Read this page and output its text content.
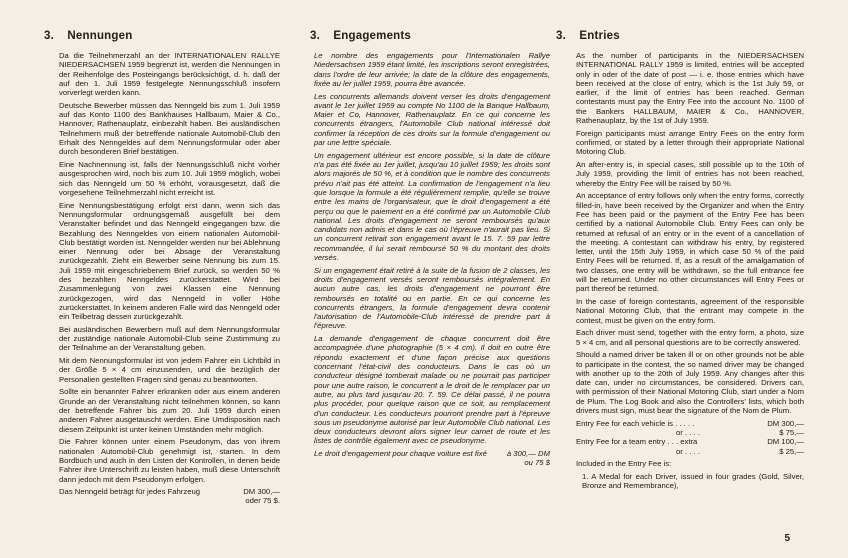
3. Nennungen

Da die Teilnehmerzahl an der INTERNATIONALEN RALLYE NIEDERSACHSEN 1959 begrenzt ist, werden die Nennungen in der Reihenfolge des Posteingangs berücksichtigt, d. h. daß der auf den 1. Juli 1959 festgelegte Nennungsschluß insofern vorverlegt werden kann.

Deutsche Bewerber müssen das Nenngeld bis zum 1. Juli 1959 auf das Konto 1100 des Bankhauses Hallbaum, Maier & Co., Hannover, Rathenauplatz, einbezahlt haben. Bei ausländischen Teilnehmern muß der betreffende nationale Automobil-Club den Erhalt des Nenngeldes auf dem Nennungsformular oder aber durch besonderen Brief bestätigen.

Eine Nachnennung ist, falls der Nennungsschluß nicht vorher ausgesprochen wird, noch bis zum 10. Juli 1959 möglich, wobei sich das Nenngeld um 50 % erhöht, vorausgesetzt, daß die vorgesehene Teilnehmerzahl nicht erreicht ist.

Eine Nennungsbestätigung erfolgt erst dann, wenn sich das Nennungsformular ordnungsgemäß ausgefüllt bei dem Veranstalter befindet und das Nenngeld eingegangen bzw. die Bezahlung des Nenngeldes von einem nationalen Automobil-Club bestätigt worden ist. Nenngelder werden nur bei Ablehnung einer Nennung oder bei Absage der Veranstaltung zurückgezahlt. Zieht ein Bewerber seine Nennung bis zum 15. Juli 1959 mit eingeschriebenem Brief zurück, so werden 50 % des bezahlten Nenngeldes zurückerstattet. Wird bei Zusammenlegung von zwei Klassen eine Nennung zurückgezogen, wird das Nenngeld in voller Höhe zurückerstattet. In keinem anderen Falle wird das Nenngeld oder ein Teilbetrag dessen zurückgezahlt.

Bei ausländischen Bewerbern muß auf dem Nennungsformular der zuständige nationale Automobil-Club seine Zustimmung zu der Teilnahme an der Veranstaltung geben.

Mit dem Nennungsformular ist von jedem Fahrer ein Lichtbild in der Größe 5 × 4 cm einzusenden, und die bezüglich der Personalien gestellten Fragen sind genau zu beantworten.

Sollte ein benannter Fahrer erkranken oder aus einem anderen Grunde an der Veranstaltung nicht teilnehmen können, so kann der betreffende Fahrer bis zum 20. Juli 1959 durch einen anderen Fahrer ausgetauscht werden. Eine Umdisposition nach diesem Zeitpunkt ist unter keinen Umständen mehr möglich.

Die Fahrer können unter einem Pseudonym, das von ihrem nationalen Automobil-Club genehmigt ist, starten. In dem Bordbuch und auch in den Listen der Kontrollen, in denen beide Fahrer ihre Unterschrift zu leisten haben, muß diese Unterschrift dann jedoch mit dem Pseudonym erfolgen.

Das Nenngeld beträgt für jedes Fahrzeug	DM 300,—
oder 75 $.
3. Engagements

Le nombre des engagements pour l'Internationalen Rallye Niedersachsen 1959 étant limité, les inscriptions seront enregistrées, dans l'ordre de leur arrivée; la date de la clôture des engagements, fixée au ler juillet 1959, pourra être avancée.

Les concurrents allemands doivent verser les droits d'engagement avant le 1er juillet 1959 au compte No 1100 de la Banque Hallbaum, Maier et Co, Hannover, Rathenauplatz. En ce qui concerne les concurrents étrangers, l'Automobile Club national intéressé doit confirmer la réception de ces droits sur la formule d'engagement ou par une lettre spéciale.

Un engagement ultérieur est encore possible, si la date de clôture n'a pas été fixée au 1er juillet, jusqu'au 10 juillet 1959; les droits sont alors majorés de 50 %, et à condition que le nombre des concurrents prévu n'ait pas été atteint. La confirmation de l'engagement n'a lieu que lorsque la formule a été régulièrement remplie, qu'elle se trouve entre les mains de l'organisateur, que le droit d'engagement a été perçu ou que le paiement en a été confirmé par un Automobile Club national. Les droits d'engagement ne seront remboursés qu'aux candidats non admis et dans le cas où l'épreuve n'aurait pas lieu. Si un concurrent retirait son engagement avant le 15. 7. 59 par lettre recommandée, il lui serait remboursé 50 % du montant des droits versés.

Si un engagement était retiré à la suite de la fusion de 2 classes, les droits d'engagement versés seront remboursés intégralement. En aucun autre cas, les droits d'engagement ne pourront être remboursés en totalité ou en partie. En ce qui concerne les concurrents étrangers, la formule d'engagement devra contenir l'autorisation de l'Automobile-Club intéressé de prendre part à l'épreuve.

La demande d'engagement de chaque concurrent doit être accompagnée d'une photographie (5 × 4 cm). Il doit en outre être répondu exactement et d'une façon précise aux questions concernant l'état-civil des conducteurs. Dans le cas où un conducteur désigné tomberait malade ou ne pourrait pas participer pour une autre raison, le concurrent a le droit de le remplacer par un autre, au plus tard jusqu'au 20. 7. 59. Ce délai passé, il ne pourra plus procéder, pour quelque raison que ce soit, au remplacement d'un conducteur. Les conducteurs pourront prendre part à l'épreuve sous un pseudonyme autorisé par leur Automobile Club national. Les deux conducteurs devront alors signer leur carnet de route et les listes de contrôle également avec ce pseudonyme.

Le droit d'engagement pour chaque voiture est fixé	à 300,— DM
ou 75 $
3. Entries

As the number of participants in the NIEDERSACHSEN INTERNATIONAL RALLY 1959 is limited, entries will be accepted only in oder of the date of post — i. e. those entries which have been received at the close of entry, which is the 1st July 59, or earlier, if the limit of entries has been reached. German contestants must pay the Entry Fee into the account No. 1100 of the Bankers HALLBAUM, MAIER & Co., HANNOVER, Rathenauplatz, by the 1st of July 1959.

Foreign participants must arrange Entry Fees on the entry form confirmed, or stated by a letter through their appropriate National Motoring Club.

An after-entry is, in special cases, still possible up to the 10th of July 1959, providing the limit of entries has not been reached, whereby the Entry Fee will be raised by 50 %.

An acceptance of entry follows only when the entry forms, correctly filled-in, have been received by the Organizer and when the Entry Fee has been paid or the payment of the Entry Fee has been certified by a national Automobile Club. Entry Fees can only be returned at refusal of an entry or in the event of a cancellation of the meeting. A contestant can withdraw his entry, by registered letter, until the 15th July 1959, in which case 50 % of the paid Entry Fees will be returned. If, as a result of the amalgamation of two classes, one entry will be withdrawn, so the full entrance fee will be returned. Under no other circumstances will Entry Fees or part thereof be returned.

In the case of foreign contestants, agreement of the responsible National Motoring Club, that the entrant may compete in the contest, must be given on the entry form.

Each driver must send, together with the entry form, a photo, size 5 × 4 cm, and all personal questions are to be correctly answered.

Should a named driver be taken ill or on other grounds not be able to participate in the contest, the so named driver may be changed with another up to the 20th of July 1959. Any changes after this date can, under no circumstances, be considered. Drivers can, with permission of their National Motoring Club, start under a Nom de Plum. The Log Book and also the Controllers' lists, which both drivers must sign, must bear the signature of the Nom de Plum.

Entry Fee for each vehicle is . . . . .	DM 300,—
or . . . .	$ 75,—
Entry Fee for a team entry . . . extra	DM 100,—
or . . . .	$ 25,—

Included in the Entry Fee is:

1. A Medal for each Driver, issued in four grades (Gold, Silver, Bronze and Remembrance),

5
